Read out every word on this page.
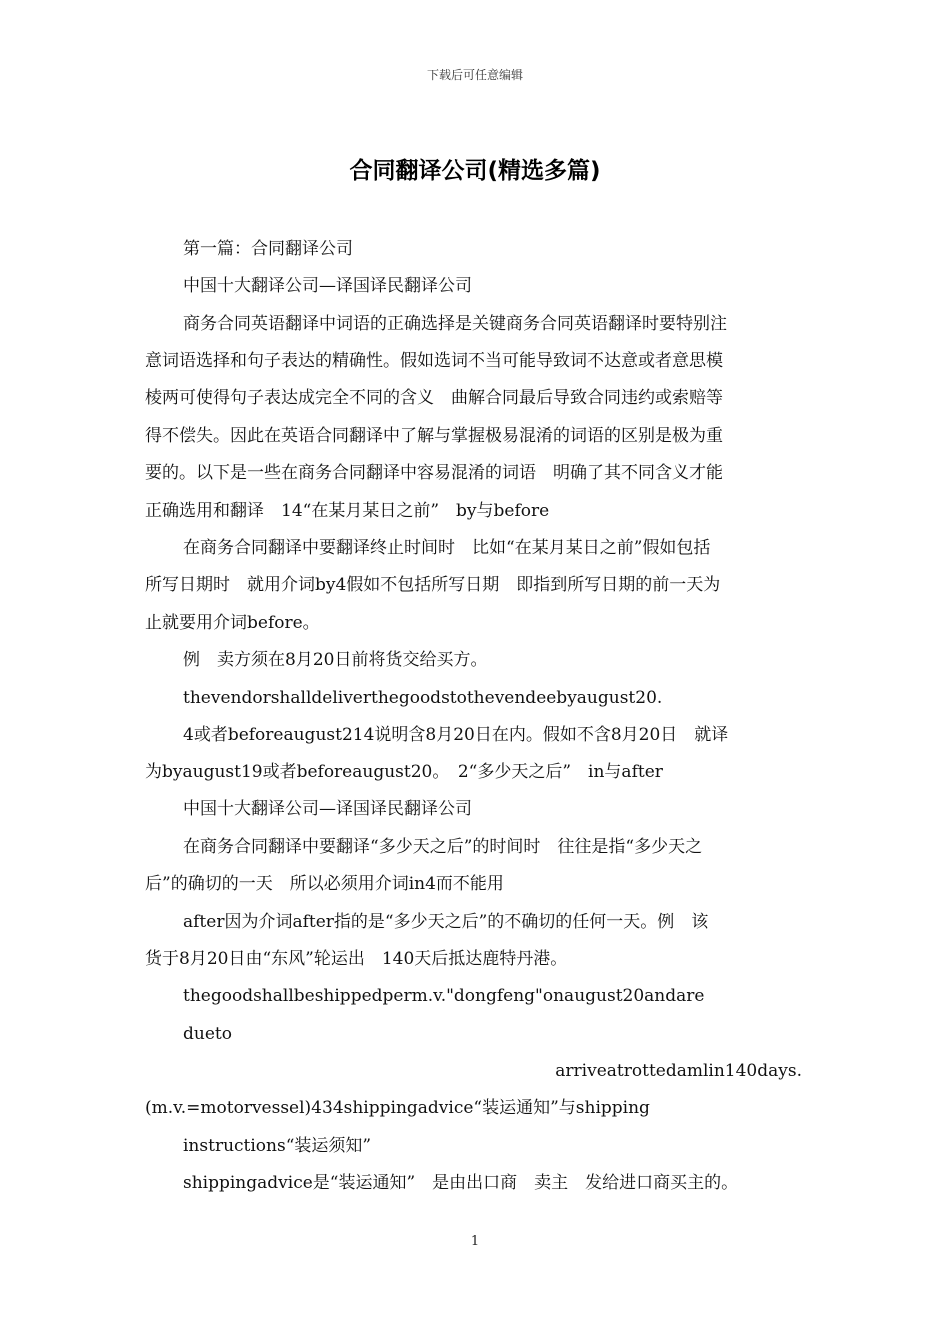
下载后可任意编辑
合同翻译公司(精选多篇)
第一篇：合同翻译公司
中国十大翻译公司—译国译民翻译公司
商务合同英语翻译中词语的正确选择是关键商务合同英语翻译时要特别注
意词语选择和句子表达的精确性。假如选词不当可能导致词不达意或者意思模
棱两可使得句子表达成完全不同的含义　曲解合同最后导致合同违约或索赔等
得不偿失。因此在英语合同翻译中了解与掌握极易混淆的词语的区别是极为重
要的。以下是一些在商务合同翻译中容易混淆的词语　明确了其不同含义才能
正确选用和翻译　14“在某月某日之前”　by与before
在商务合同翻译中要翻译终止时间时　比如“在某月某日之前”假如包括
所写日期时　就用介词by4假如不包括所写日期　即指到所写日期的前一天为
止就要用介词before。
例　卖方须在8月20日前将货交给买方。
thevendorshalldeliverthegoodstothevendeebyaugust20.
4或者beforeaugust214说明含8月20日在内。假如不含8月20日　就译
为byaugust19或者beforeaugust20。　2“多少天之后”　in与after
中国十大翻译公司—译国译民翻译公司
在商务合同翻译中要翻译“多少天之后”的时间时　往往是指“多少天之
后”的确切的一天　所以必须用介词in4而不能用
after因为介词after指的是“多少天之后”的不确切的任何一天。例　该
货于8月20日由“东风”轮运出　140天后抵达鹿特丹港。
thegoodshallbeshippedperm.v."dongfeng"onaugust20andare
dueto
arriveatrottedamlin140days.
(m.v.=motorvessel)434shippingadvice“装运通知”与shipping
instructions“装运须知”
shippingadvice是“装运通知”　是由出口商　卖主　发给进口商买主的。
1
